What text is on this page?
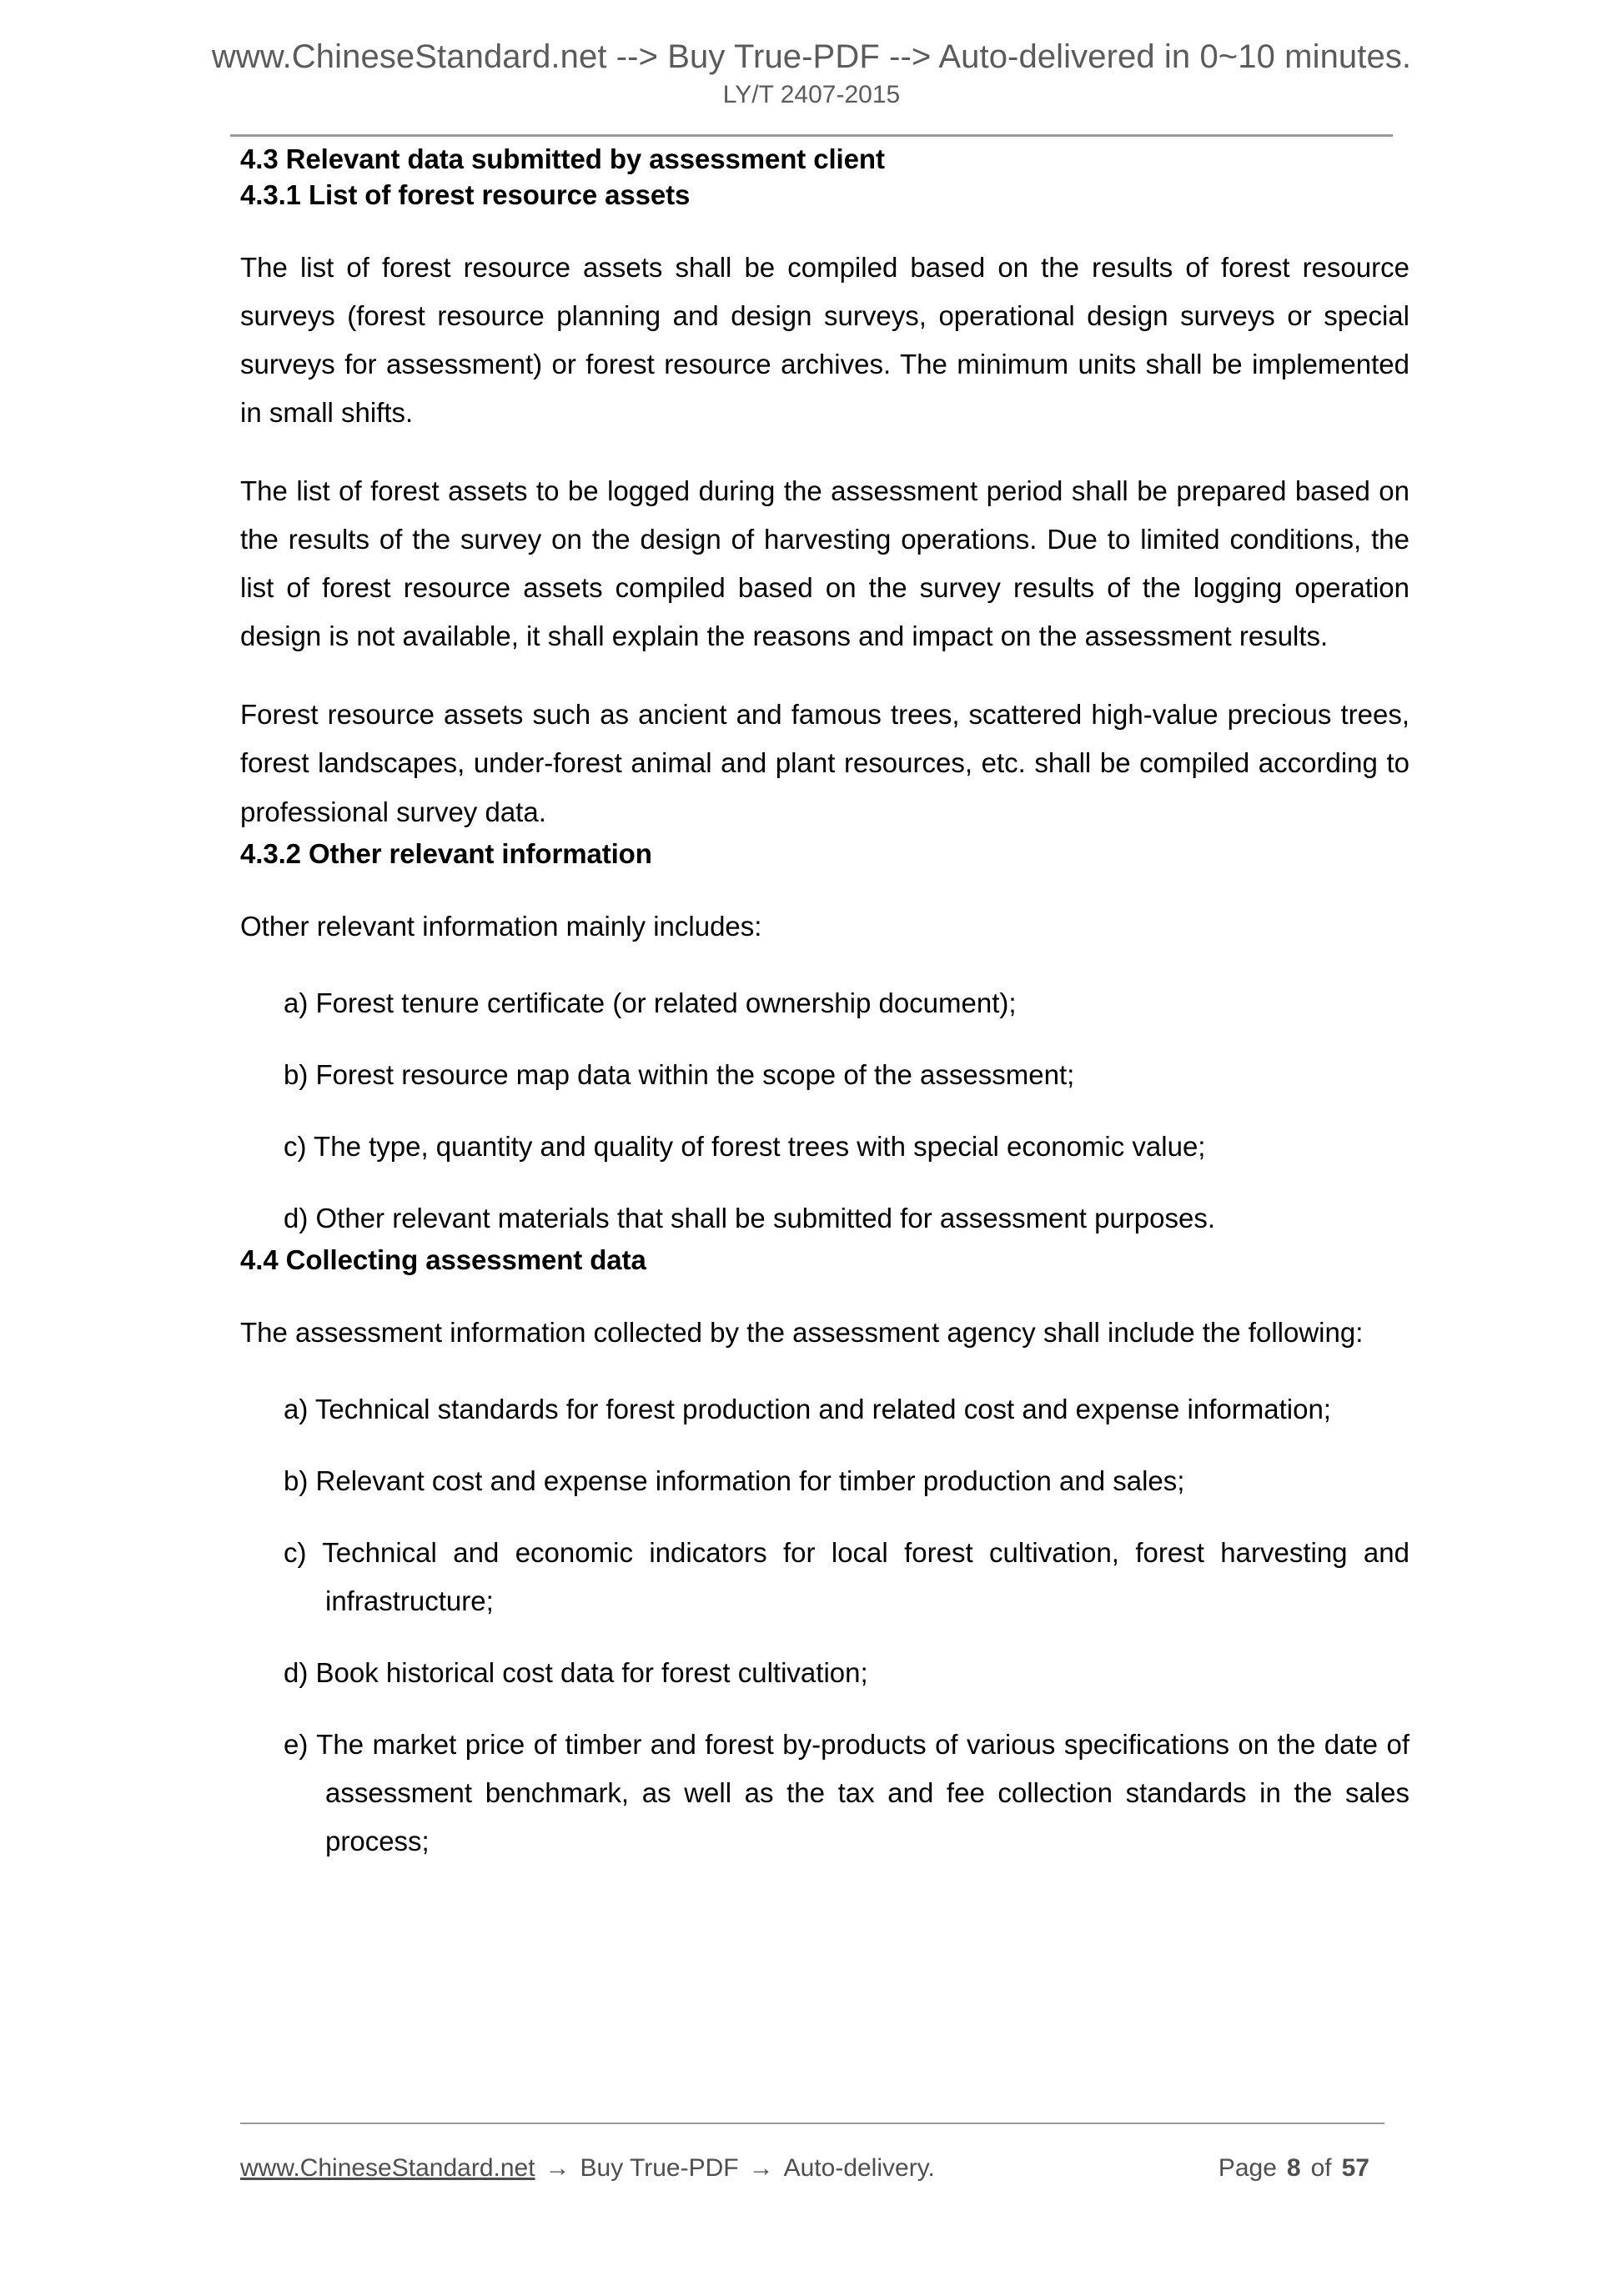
www.ChineseStandard.net --> Buy True-PDF --> Auto-delivered in 0~10 minutes.
LY/T 2407-2015
4.3 Relevant data submitted by assessment client
4.3.1 List of forest resource assets

The list of forest resource assets shall be compiled based on the results of forest resource surveys (forest resource planning and design surveys, operational design surveys or special surveys for assessment) or forest resource archives. The minimum units shall be implemented in small shifts.

The list of forest assets to be logged during the assessment period shall be prepared based on the results of the survey on the design of harvesting operations. Due to limited conditions, the list of forest resource assets compiled based on the survey results of the logging operation design is not available, it shall explain the reasons and impact on the assessment results.

Forest resource assets such as ancient and famous trees, scattered high-value precious trees, forest landscapes, under-forest animal and plant resources, etc. shall be compiled according to professional survey data.

4.3.2 Other relevant information

Other relevant information mainly includes:

a) Forest tenure certificate (or related ownership document);
b) Forest resource map data within the scope of the assessment;
c) The type, quantity and quality of forest trees with special economic value;
d) Other relevant materials that shall be submitted for assessment purposes.
4.4 Collecting assessment data

The assessment information collected by the assessment agency shall include the following:

a) Technical standards for forest production and related cost and expense information;
b) Relevant cost and expense information for timber production and sales;
c) Technical and economic indicators for local forest cultivation, forest harvesting and infrastructure;
d) Book historical cost data for forest cultivation;
e) The market price of timber and forest by-products of various specifications on the date of assessment benchmark, as well as the tax and fee collection standards in the sales process;
www.ChineseStandard.net → Buy True-PDF → Auto-delivery.	Page 8 of 57
